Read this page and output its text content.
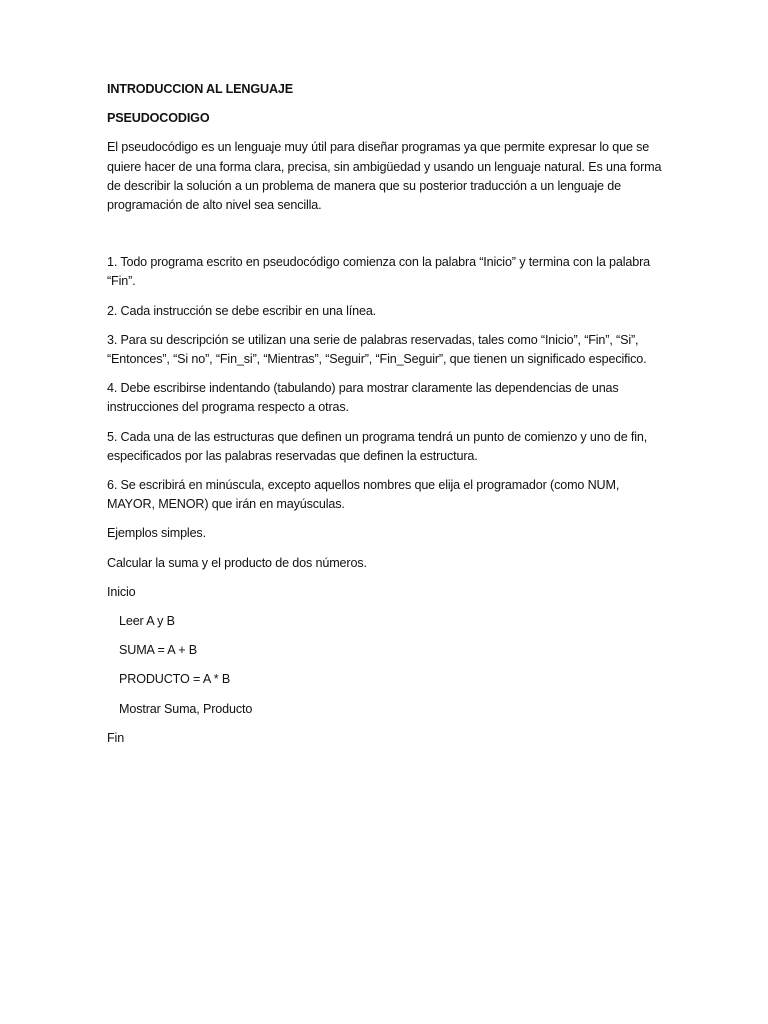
INTRODUCCION AL LENGUAJE
PSEUDOCODIGO

El pseudocódigo es un lenguaje muy útil para diseñar programas ya que permite expresar lo que se quiere hacer de una forma clara, precisa, sin ambigüedad y usando un lenguaje natural. Es una forma de describir la solución a un problema de manera que su posterior traducción a un lenguaje de programación de alto nivel sea sencilla.

1. Todo programa escrito en pseudocódigo comienza con la palabra “Inicio” y termina con la palabra “Fin”.

2. Cada instrucción se debe escribir en una línea.

3. Para su descripción se utilizan una serie de palabras reservadas, tales como “Inicio”, “Fin”, “Si”, “Entonces”, “Si no”, “Fin_si”, “Mientras”, “Seguir”, “Fin_Seguir”, que tienen un significado especifico.

4. Debe escribirse indentando (tabulando) para mostrar claramente las dependencias de unas instrucciones del programa respecto a otras.

5. Cada una de las estructuras que definen un programa tendrá un punto de comienzo y uno de fin, especificados por las palabras reservadas que definen la estructura.

6. Se escribirá en minúscula, excepto aquellos nombres que elija el programador (como NUM, MAYOR, MENOR) que irán en mayúsculas.

Ejemplos simples.

Calcular la suma y el producto de dos números.

Inicio
Leer A y B
SUMA = A + B
PRODUCTO = A * B
Mostrar Suma, Producto
Fin
